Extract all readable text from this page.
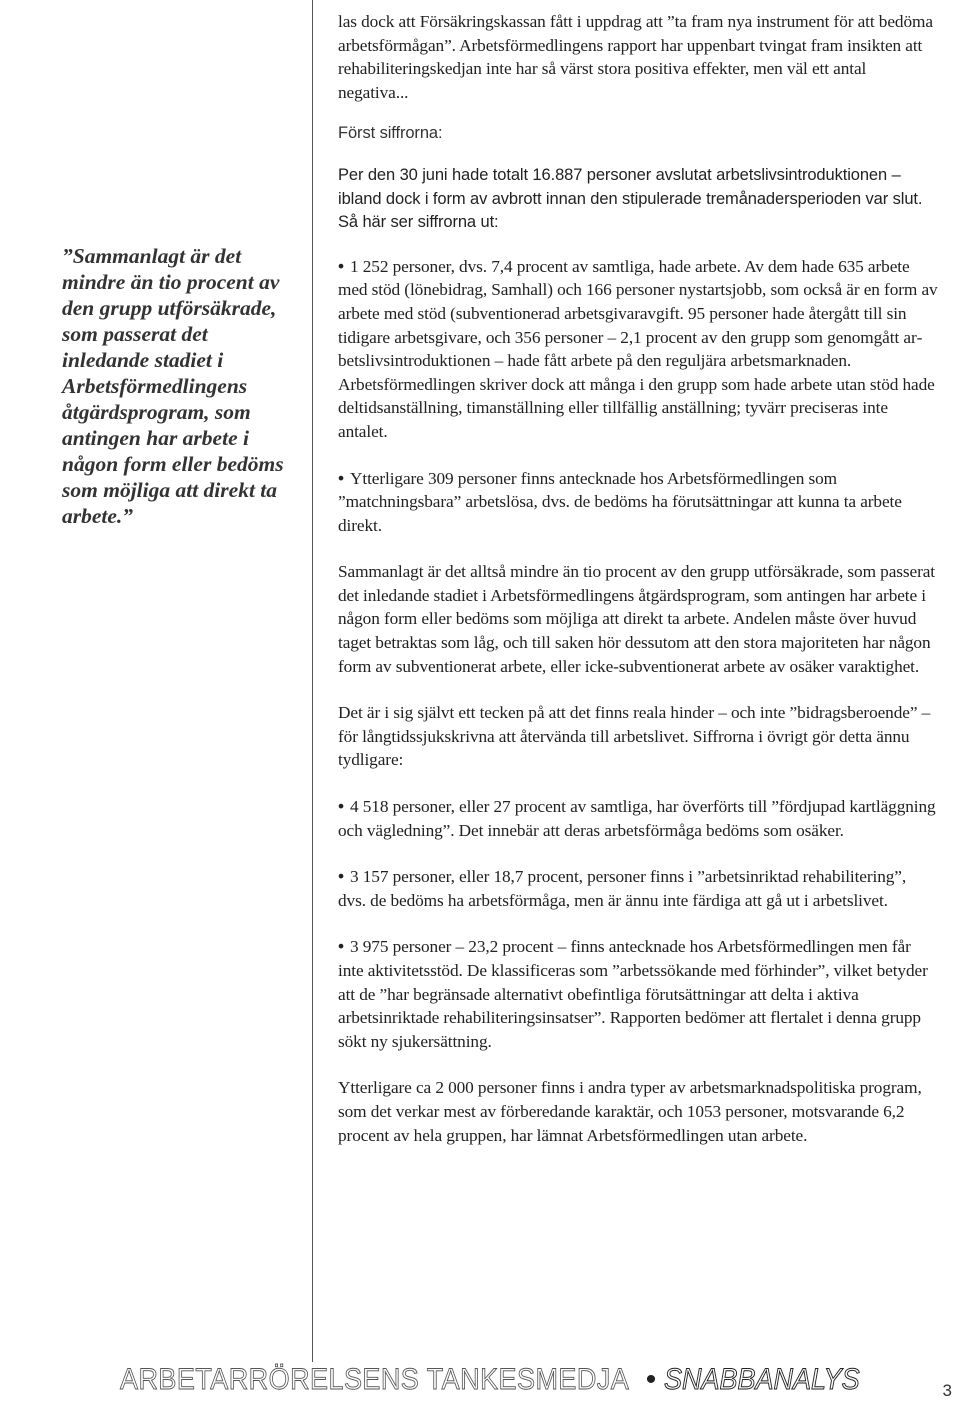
”Sammanlagt är det mindre än tio procent av den grupp utförsäkrade, som passerat det inledande stadiet i Arbetsförmedlingens åtgärdsprogram, som antingen har arbete i någon form eller bedöms som möjliga att direkt ta arbete.”

las dock att Försäkringskassan fått i uppdrag att ”ta fram nya instrument för att bedöma arbetsförmågan”. Arbetsförmedlingens rapport har uppenbart tvingat fram insikten att rehabiliteringskedjan inte har så värst stora positiva effekter, men väl ett antal negativa...

Först siffrorna:

Per den 30 juni hade totalt 16.887 personer avslutat arbetslivsintroduktionen – ibland dock i form av avbrott innan den stipulerade tremånadersperioden var slut. Så här ser siffrorna ut:

• 1 252 personer, dvs. 7,4 procent av samtliga, hade arbete. Av dem hade 635 arbete med stöd (lönebidrag, Samhall) och 166 personer nystartsjobb, som också är en form av arbete med stöd (subventionerad arbetsgivaravgift. 95 personer hade återgått till sin tidigare arbetsgivare, och 356 personer – 2,1 procent av den grupp som genomgått arbetslivsintroduktionen – hade fått arbete på den reguljära arbetsmarknaden. Arbetsförmedlingen skriver dock att många i den grupp som hade arbete utan stöd hade deltidsanställning, timanställning eller tillfällig anställning; tyvärr preciseras inte antalet.
• Ytterligare 309 personer finns antecknade hos Arbetsförmedlingen som ”matchningsbara” arbetslösa, dvs. de bedöms ha förutsättningar att kunna ta arbete direkt.

Sammanlagt är det alltså mindre än tio procent av den grupp utförsäkrade, som passerat det inledande stadiet i Arbetsförmedlingens åtgärdsprogram, som antingen har arbete i någon form eller bedöms som möjliga att direkt ta arbete. Andelen måste över huvud taget betraktas som låg, och till saken hör dessutom att den stora majoriteten har någon form av subventionerat arbete, eller icke-subventionerat arbete av osäker varaktighet.

Det är i sig självt ett tecken på att det finns reala hinder – och inte ”bidragsberoende” – för långtidssjukskrivna att återvända till arbetslivet. Siffrorna i övrigt gör detta ännu tydligare:

• 4 518 personer, eller 27 procent av samtliga, har överförts till ”fördjupad kartläggning och vägledning”. Det innebär att deras arbetsförmåga bedöms som osäker.
• 3 157 personer, eller 18,7 procent, personer finns i ”arbetsinriktad rehabilitering”, dvs. de bedöms ha arbetsförmåga, men är ännu inte färdiga att gå ut i arbetslivet.
• 3 975 personer – 23,2 procent – finns antecknade hos Arbetsförmedlingen men får inte aktivitetsstöd. De klassificeras som ”arbetssökande med förhinder”, vilket betyder att de ”har begränsade alternativt obefintliga förutsättningar att delta i aktiva arbetsinriktade rehabiliteringsinsatser”. Rapporten bedömer att flertalet i denna grupp sökt ny sjukersättning.

Ytterligare ca 2 000 personer finns i andra typer av arbetsmarknadspolitiska program, som det verkar mest av förberedande karaktär, och 1053 personer, motsvarande 6,2 procent av hela gruppen, har lämnat Arbetsförmedlingen utan arbete.

ARBETARRÖRELSENS TANKESMEDJA • SNABBANALYS	3
